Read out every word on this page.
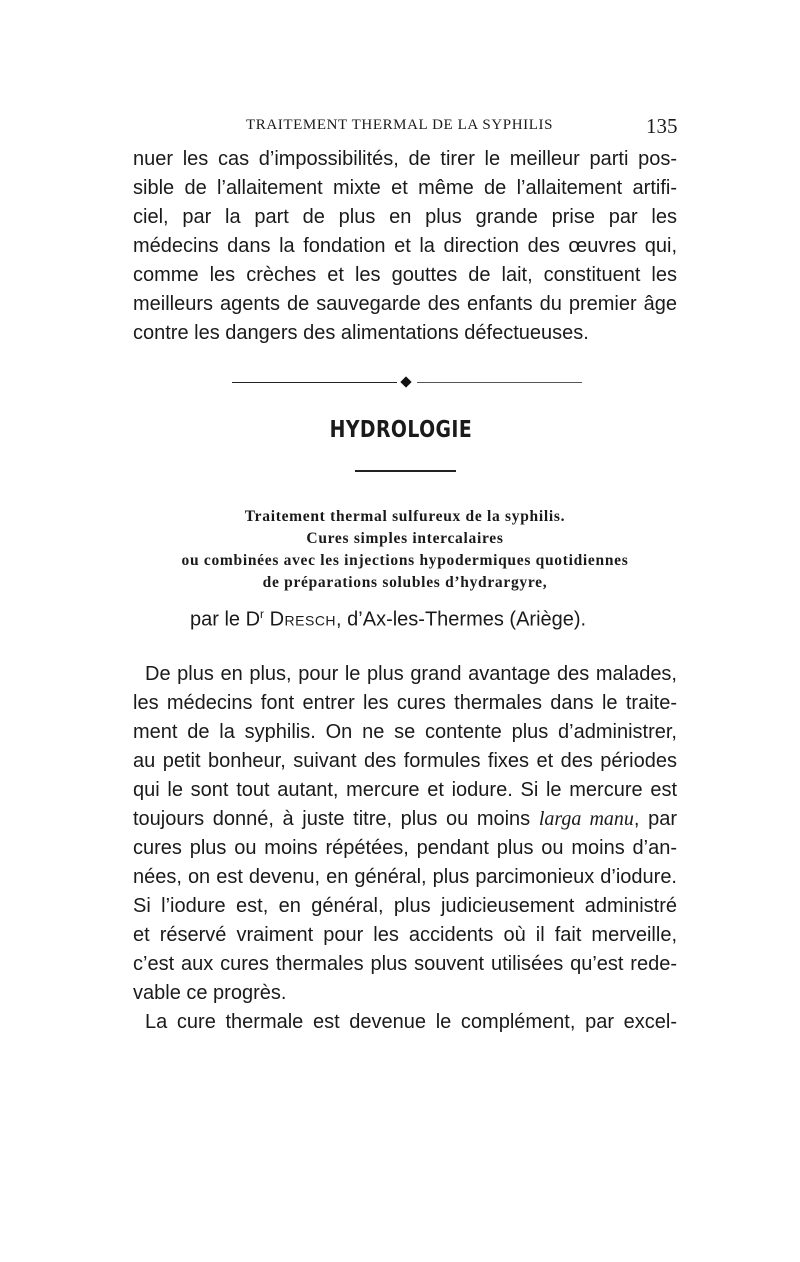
TRAITEMENT THERMAL DE LA SYPHILIS	135
nuer les cas d’impossibilités, de tirer le meilleur parti pos-
sible de l’allaitement mixte et même de l’allaitement artifi-
ciel, par la part de plus en plus grande prise par les
médecins dans la fondation et la direction des œuvres qui,
comme les crèches et les gouttes de lait, constituent les
meilleurs agents de sauvegarde des enfants du premier âge
contre les dangers des alimentations défectueuses.
HYDROLOGIE
Traitement thermal sulfureux de la syphilis.
Cures simples intercalaires
ou combinées avec les injections hypodermiques quotidiennes
de préparations solubles d’hydrargyre,
par le $D^r$ Dresch, d’Ax-les-Thermes (Ariège).
De plus en plus, pour le plus grand avantage des malades,
les médecins font entrer les cures thermales dans le traite-
ment de la syphilis. On ne se contente plus d’administrer,
au petit bonheur, suivant des formules fixes et des périodes
qui le sont tout autant, mercure et iodure. Si le mercure est
toujours donné, à juste titre, plus ou moins larga manu, par
cures plus ou moins répétées, pendant plus ou moins d’an-
nées, on est devenu, en général, plus parcimonieux d’iodure.
Si l’iodure est, en général, plus judicieusement administré
et réservé vraiment pour les accidents où il fait merveille,
c’est aux cures thermales plus souvent utilisées qu’est rede-
vable ce progrès.
La cure thermale est devenue le complément, par excel-
